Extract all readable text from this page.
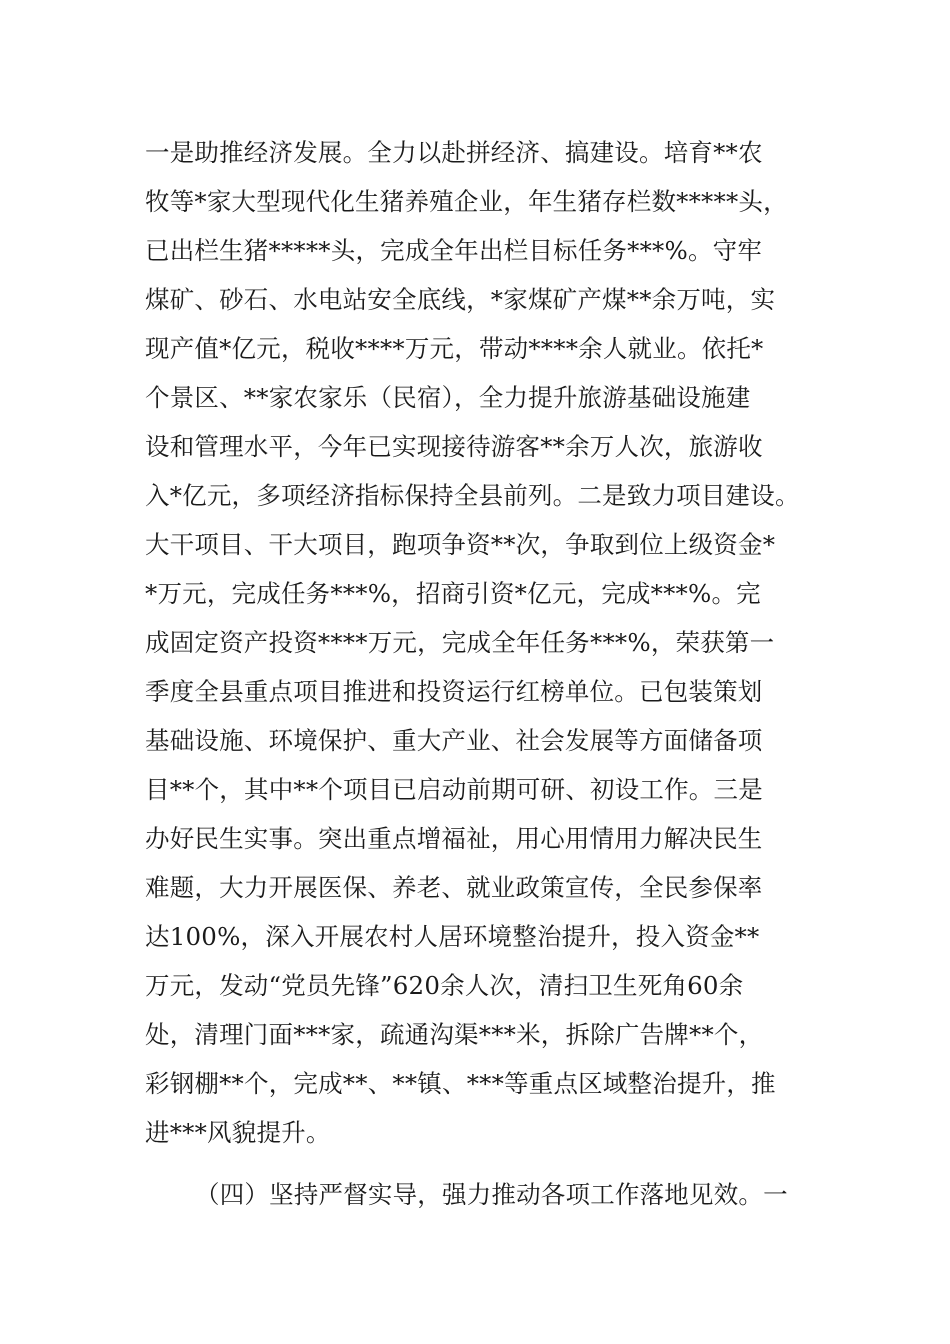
一是助推经济发展。全力以赴拼经济、搞建设。培育**农
牧等*家大型现代化生猪养殖企业，年生猪存栏数*****头，
已出栏生猪*****头，完成全年出栏目标任务***%。守牢
煤矿、砂石、水电站安全底线，*家煤矿产煤**余万吨，实
现产值*亿元，税收****万元，带动****余人就业。依托*
个景区、**家农家乐（民宿），全力提升旅游基础设施建
设和管理水平，今年已实现接待游客**余万人次，旅游收
入*亿元，多项经济指标保持全县前列。二是致力项目建设。
大干项目、干大项目，跑项争资**次，争取到位上级资金*
*万元，完成任务***%，招商引资*亿元，完成***%。完
成固定资产投资****万元，完成全年任务***%，荣获第一
季度全县重点项目推进和投资运行红榜单位。已包装策划
基础设施、环境保护、重大产业、社会发展等方面储备项
目**个，其中**个项目已启动前期可研、初设工作。三是
办好民生实事。突出重点增福祉，用心用情用力解决民生
难题，大力开展医保、养老、就业政策宣传，全民参保率
达100%，深入开展农村人居环境整治提升，投入资金**
万元，发动“党员先锋”620余人次，清扫卫生死角60余
处，清理门面***家，疏通沟渠***米，拆除广告牌**个，
彩钢棚**个，完成**、**镇、***等重点区域整治提升，推
进***风貌提升。
（四）坚持严督实导，强力推动各项工作落地见效。一
